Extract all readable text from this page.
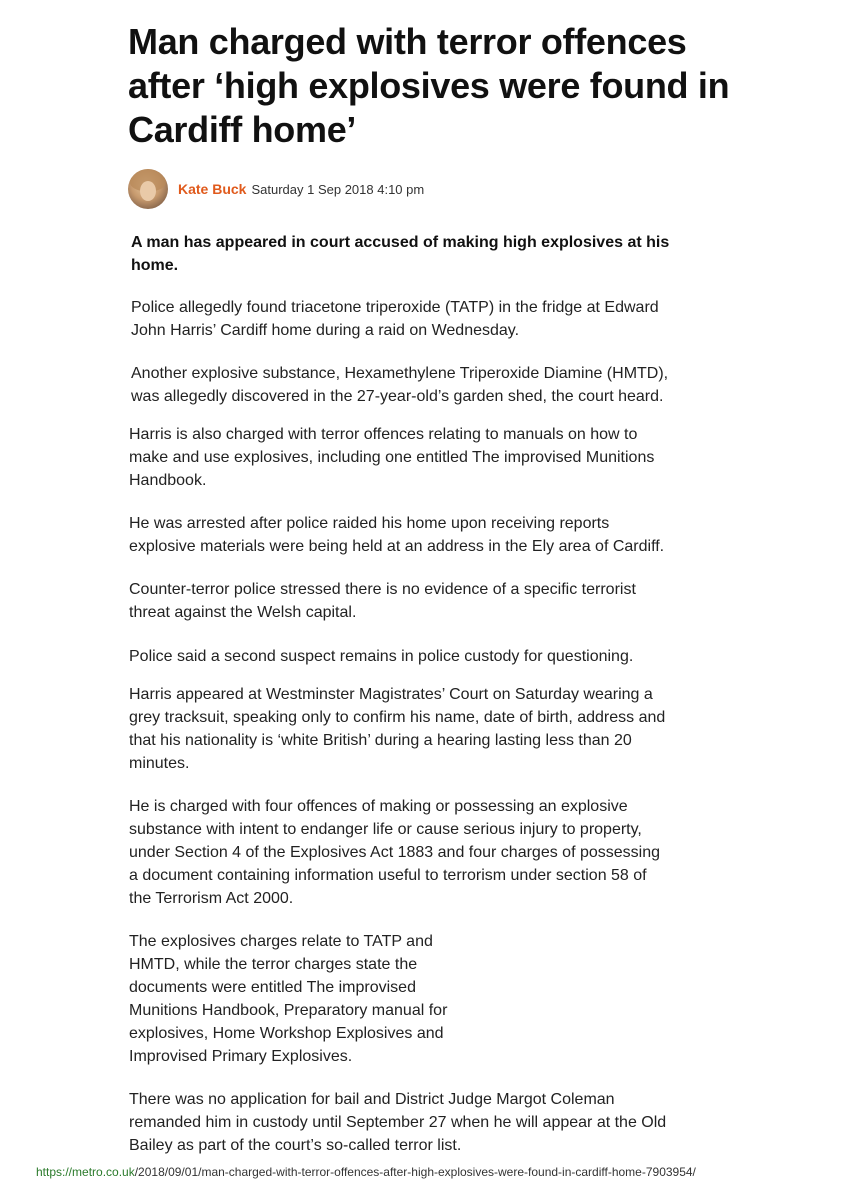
Man charged with terror offences after ‘high explosives were found in Cardiff home’
Kate Buck Saturday 1 Sep 2018 4:10 pm

A man has appeared in court accused of making high explosives at his home.

Police allegedly found triacetone triperoxide (TATP) in the fridge at Edward John Harris’ Cardiff home during a raid on Wednesday.

Another explosive substance, Hexamethylene Triperoxide Diamine (HMTD), was allegedly discovered in the 27-year-old’s garden shed, the court heard.

Harris is also charged with terror offences relating to manuals on how to make and use explosives, including one entitled The improvised Munitions Handbook.

He was arrested after police raided his home upon receiving reports explosive materials were being held at an address in the Ely area of Cardiff.

Counter-terror police stressed there is no evidence of a specific terrorist threat against the Welsh capital.

Police said a second suspect remains in police custody for questioning.

Harris appeared at Westminster Magistrates’ Court on Saturday wearing a grey tracksuit, speaking only to confirm his name, date of birth, address and that his nationality is ‘white British’ during a hearing lasting less than 20 minutes.

He is charged with four offences of making or possessing an explosive substance with intent to endanger life or cause serious injury to property, under Section 4 of the Explosives Act 1883 and four charges of possessing a document containing information useful to terrorism under section 58 of the Terrorism Act 2000.

The explosives charges relate to TATP and HMTD, while the terror charges state the documents were entitled The improvised Munitions Handbook, Preparatory manual for explosives, Home Workshop Explosives and Improvised Primary Explosives.

There was no application for bail and District Judge Margot Coleman remanded him in custody until September 27 when he will appear at the Old Bailey as part of the court’s so-called terror list.

https://metro.co.uk/2018/09/01/man-charged-with-terror-offences-after-high-explosives-were-found-in-cardiff-home-7903954/
